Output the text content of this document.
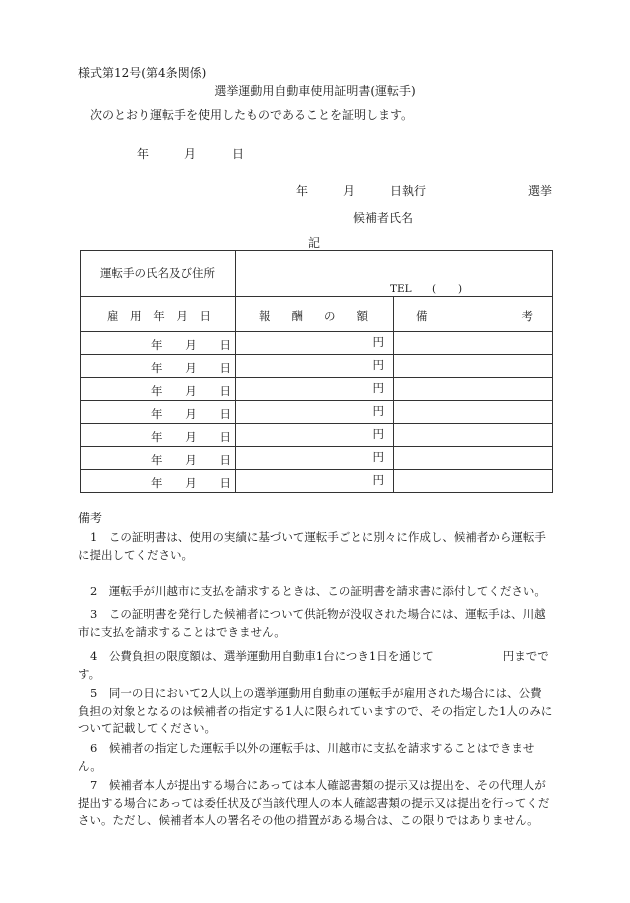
様式第12号(第4条関係)
選挙運動用自動車使用証明書(運転手)
次のとおり運転手を使用したものであることを証明します。
年	月	日
年	月	日執行	選挙
候補者氏名
記
運転手の氏名及び住所	TEL ( )	

雇 用 年 月 日	報 酬 の 額	備 考

年 月 日	円	

年 月 日	円	

年 月 日	円	

年 月 日	円	

年 月 日	円	

年 月 日	円	

年 月 日	円	

備考
1　 この証明書は、使用の実績に基づいて運転手ごとに別々に作成し、候補者から運転手に提出してください。
2　 運転手が川越市に支払を請求するときは、この証明書を請求書に添付してください。
3　 この証明書を発行した候補者について供託物が没収された場合には、運転手は、川越市に支払を請求することはできません。
4　 公費負担の限度額は、選挙運動用自動車1台につき1日を通じて　　　　　　円までです。
5　 同一の日において2人以上の選挙運動用自動車の運転手が雇用された場合には、公費負担の対象となるのは候補者の指定する1人に限られていますので、その指定した1人のみについて記載してください。
6　 候補者の指定した運転手以外の運転手は、川越市に支払を請求することはできません。
7　 候補者本人が提出する場合にあっては本人確認書類の提示又は提出を、その代理人が提出する場合にあっては委任状及び当該代理人の本人確認書類の提示又は提出を行ってください。ただし、候補者本人の署名その他の措置がある場合は、この限りではありません。
